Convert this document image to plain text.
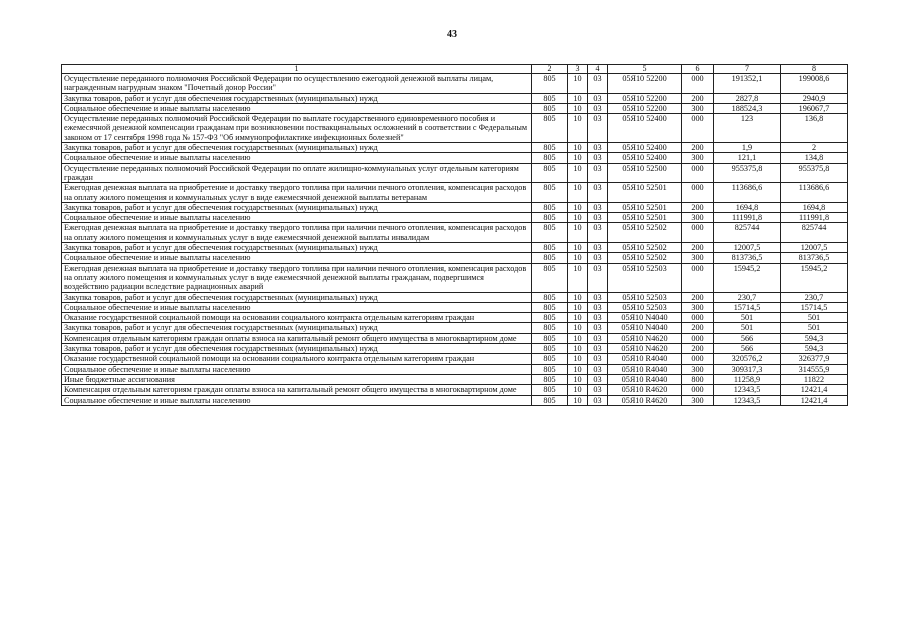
43
1	2	3	4	5	6	7	8
Осуществление переданного полномочия Российской Федерации по осуществлению ежегодной денежной выплаты лицам, награжденным нагрудным знаком "Почетный донор России"	805	10	03	05Я10 52200	000	191352,1	199008,6
Закупка товаров, работ и услуг для обеспечения государственных (муниципальных) нужд	805	10	03	05Я10 52200	200	2827,8	2940,9
Социальное обеспечение и иные выплаты населению	805	10	03	05Я10 52200	300	188524,3	196067,7
Осуществление переданных полномочий Российской Федерации по выплате государственного единовременного пособия и ежемесячной денежной компенсации гражданам при возникновении поствакцинальных осложнений в соответствии с Федеральным законом от 17 сентября 1998 года № 157-ФЗ "Об иммунопрофилактике инфекционных болезней"	805	10	03	05Я10 52400	000	123	136,8
Закупка товаров, работ и услуг для обеспечения государственных (муниципальных) нужд	805	10	03	05Я10 52400	200	1,9	2
Социальное обеспечение и иные выплаты населению	805	10	03	05Я10 52400	300	121,1	134,8
Осуществление переданных полномочий Российской Федерации по оплате жилищно-коммунальных услуг отдельным категориям граждан	805	10	03	05Я10 52500	000	955375,8	955375,8
Ежегодная денежная выплата на приобретение и доставку твердого топлива при наличии печного отопления, компенсация расходов на оплату жилого помещения и коммунальных услуг в виде ежемесячной денежной выплаты ветеранам	805	10	03	05Я10 52501	000	113686,6	113686,6
Закупка товаров, работ и услуг для обеспечения государственных (муниципальных) нужд	805	10	03	05Я10 52501	200	1694,8	1694,8
Социальное обеспечение и иные выплаты населению	805	10	03	05Я10 52501	300	111991,8	111991,8
Ежегодная денежная выплата на приобретение и доставку твердого топлива при наличии печного отопления, компенсация расходов на оплату жилого помещения и коммунальных услуг в виде ежемесячной денежной выплаты инвалидам	805	10	03	05Я10 52502	000	825744	825744
Закупка товаров, работ и услуг для обеспечения государственных (муниципальных) нужд	805	10	03	05Я10 52502	200	12007,5	12007,5
Социальное обеспечение и иные выплаты населению	805	10	03	05Я10 52502	300	813736,5	813736,5
Ежегодная денежная выплата на приобретение и доставку твердого топлива при наличии печного отопления, компенсация расходов на оплату жилого помещения и коммунальных услуг в виде ежемесячной денежной выплаты гражданам, подвергшимся воздействию радиации вследствие радиационных аварий	805	10	03	05Я10 52503	000	15945,2	15945,2
Закупка товаров, работ и услуг для обеспечения государственных (муниципальных) нужд	805	10	03	05Я10 52503	200	230,7	230,7
Социальное обеспечение и иные выплаты населению	805	10	03	05Я10 52503	300	15714,5	15714,5
Оказание государственной социальной помощи на основании социального контракта отдельным категориям граждан	805	10	03	05Я10 N4040	000	501	501
Закупка товаров, работ и услуг для обеспечения государственных (муниципальных) нужд	805	10	03	05Я10 N4040	200	501	501
Компенсация отдельным категориям граждан оплаты взноса на капитальный ремонт общего имущества в многоквартирном доме	805	10	03	05Я10 N4620	000	566	594,3
Закупка товаров, работ и услуг для обеспечения государственных (муниципальных) нужд	805	10	03	05Я10 N4620	200	566	594,3
Оказание государственной социальной помощи на основании социального контракта отдельным категориям граждан	805	10	03	05Я10 R4040	000	320576,2	326377,9
Социальное обеспечение и иные выплаты населению	805	10	03	05Я10 R4040	300	309317,3	314555,9
Иные бюджетные ассигнования	805	10	03	05Я10 R4040	800	11258,9	11822
Компенсация отдельным категориям граждан оплаты взноса на капитальный ремонт общего имущества в многоквартирном доме	805	10	03	05Я10 R4620	000	12343,5	12421,4
Социальное обеспечение и иные выплаты населению	805	10	03	05Я10 R4620	300	12343,5	12421,4
